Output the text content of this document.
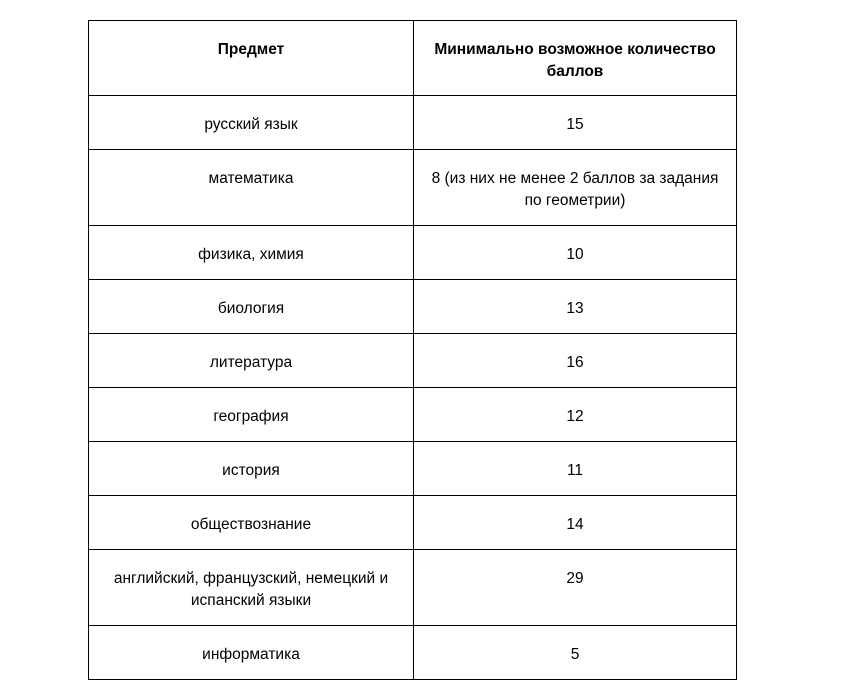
Предмет	Минимально возможное количество баллов
русский язык	15
математика	8 (из них не менее 2 баллов за задания по геометрии)
физика, химия	10
биология	13
литература	16
география	12
история	11
обществознание	14
английский, французский, немецкий и испанский языки	29
информатика	5
